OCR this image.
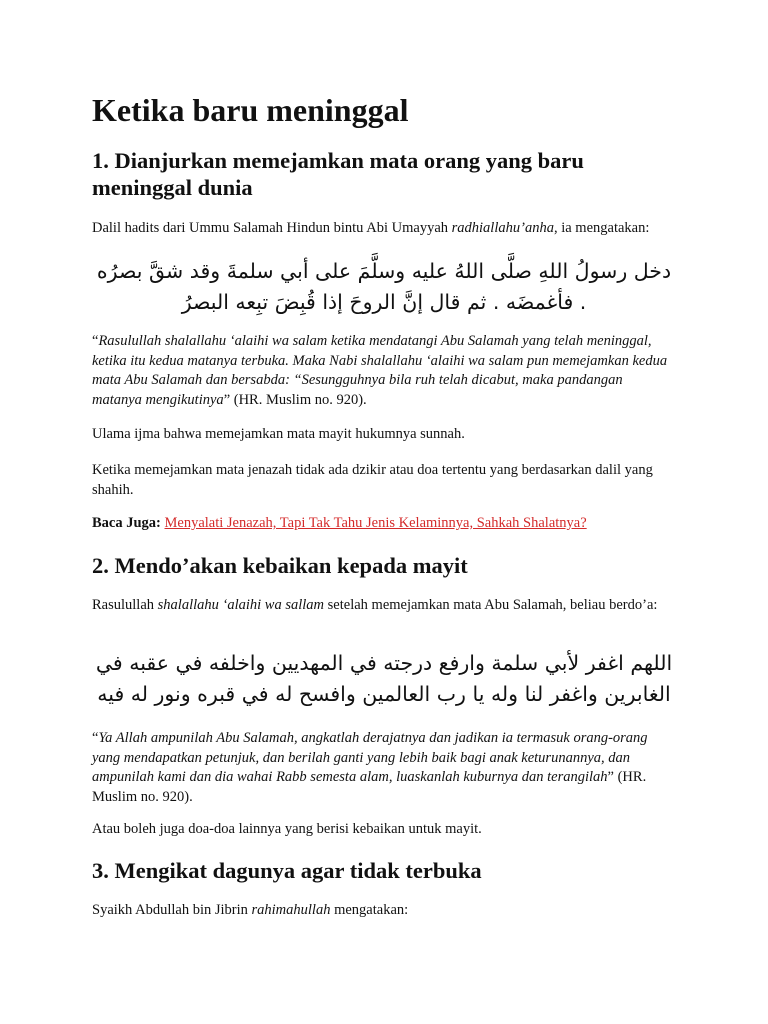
Ketika baru meninggal
1. Dianjurkan memejamkan mata orang yang baru meninggal dunia

Dalil hadits dari Ummu Salamah Hindun bintu Abi Umayyah radhiallahu’anha, ia mengatakan:

دخل رسولُ اللهِ صلَّى اللهُ عليه وسلَّمَ على أبي سلمةَ وقد شقَّ بصرُه . فأغمضَه . ثم قال إنَّ الروحَ إذا قُبِضَ تبِعه البصرُ

“Rasulullah shalallahu ‘alaihi wa salam ketika mendatangi Abu Salamah yang telah meninggal, ketika itu kedua matanya terbuka. Maka Nabi shalallahu ‘alaihi wa salam pun memejamkan kedua mata Abu Salamah dan bersabda: “Sesungguhnya bila ruh telah dicabut, maka pandangan matanya mengikutinya” (HR. Muslim no. 920).

Ulama ijma bahwa memejamkan mata mayit hukumnya sunnah.

Ketika memejamkan mata jenazah tidak ada dzikir atau doa tertentu yang berdasarkan dalil yang shahih.

Baca Juga: Menyalati Jenazah, Tapi Tak Tahu Jenis Kelaminnya, Sahkah Shalatnya?

2. Mendo’akan kebaikan kepada mayit

Rasulullah shalallahu ‘alaihi wa sallam setelah memejamkan mata Abu Salamah, beliau berdo’a:

اللهم اغفر لأبي سلمة وارفع درجته في المهديين واخلفه في عقبه في الغابرين واغفر لنا وله يا رب العالمين وافسح له في قبره ونور له فيه

“Ya Allah ampunilah Abu Salamah, angkatlah derajatnya dan jadikan ia termasuk orang-orang yang mendapatkan petunjuk, dan berilah ganti yang lebih baik bagi anak keturunannya, dan ampunilah kami dan dia wahai Rabb semesta alam, luaskanlah kuburnya dan terangilah” (HR. Muslim no. 920).

Atau boleh juga doa-doa lainnya yang berisi kebaikan untuk mayit.

3. Mengikat dagunya agar tidak terbuka

Syaikh Abdullah bin Jibrin rahimahullah mengatakan:
